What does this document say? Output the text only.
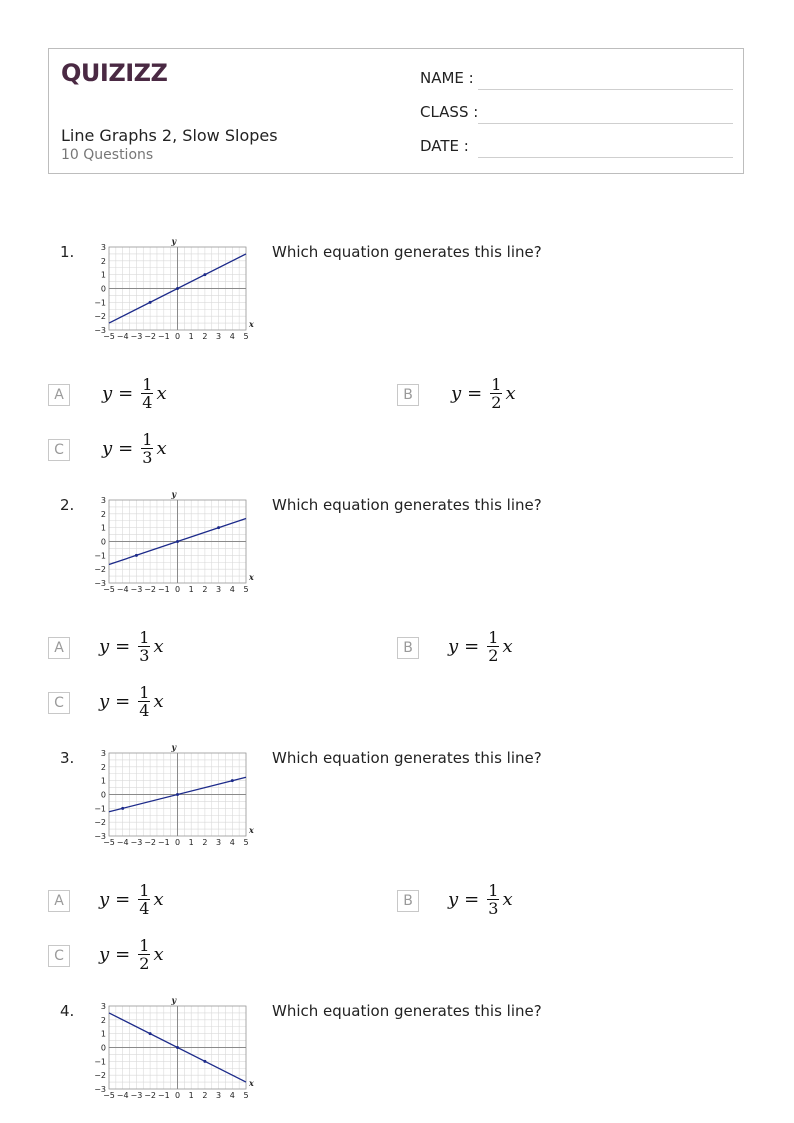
QUIZIZZ
Line Graphs 2, Slow Slopes
10 Questions
NAME :
CLASS :
DATE :
1.	Which equation generates this line?
3
2
1
0
−1
−2
−3
−5 −4 −3 −2 −1 0 1 2 3 4 5
y
x
A	$y = \frac{1}{4}$ x	B	$y = \frac{1}{2}$ x
C	$y = \frac{1}{3}$ x
2.	Which equation generates this line?
3
2
1
0
−1
−2
−3
−5 −4 −3 −2 −1 0 1 2 3 4 5
y
x
A	$y = \frac{1}{3}$ x	B	$y = \frac{1}{2}$ x
C	$y = \frac{1}{4}$ x
3.	Which equation generates this line?
3
2
1
0
−1
−2
−3
−5 −4 −3 −2 −1 0 1 2 3 4 5
y
x
A	$y = \frac{1}{4}$ x	B	$y = \frac{1}{3}$ x
C	$y = \frac{1}{2}$ x
4.	Which equation generates this line?
3
2
1
0
−1
−2
−3
−5 −4 −3 −2 −1 0 1 2 3 4 5
y
x
